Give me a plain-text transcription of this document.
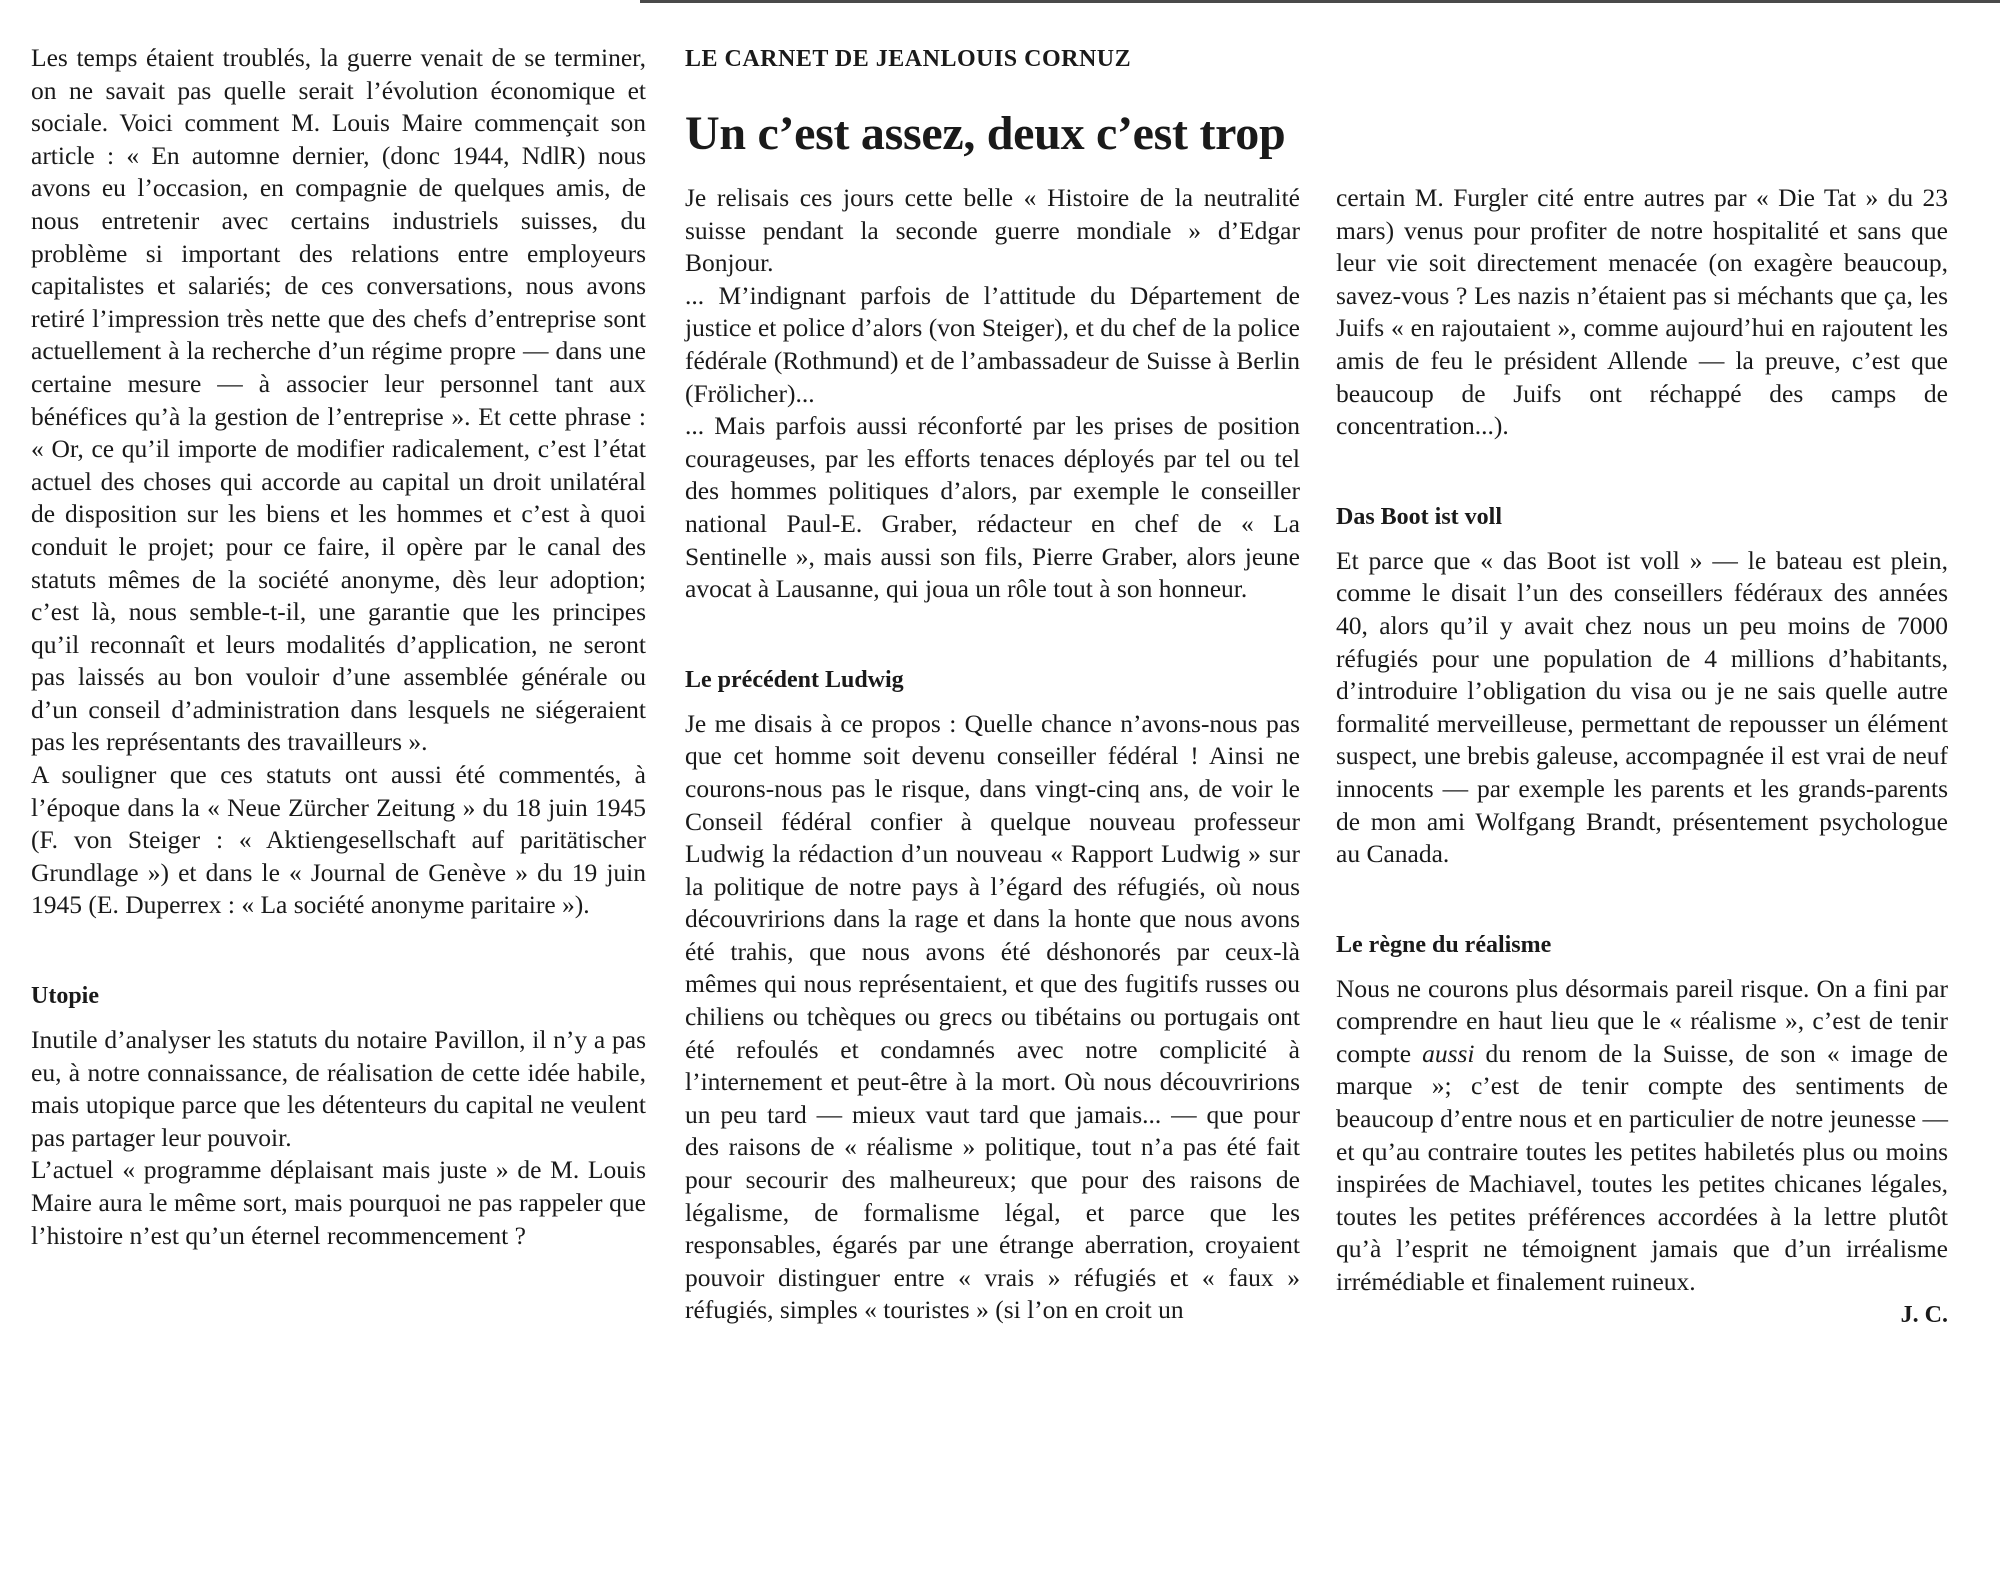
Les temps étaient troublés, la guerre venait de se terminer, on ne savait pas quelle serait l’évolution économique et sociale. Voici comment M. Louis Maire commençait son article : « En automne dernier, (donc 1944, NdlR) nous avons eu l’occasion, en compagnie de quelques amis, de nous entretenir avec certains industriels suisses, du problème si important des relations entre employeurs capitalistes et salariés; de ces conversations, nous avons retiré l’impression très nette que des chefs d’entreprise sont actuellement à la recherche d’un régime propre — dans une certaine mesure — à associer leur personnel tant aux bénéfices qu’à la gestion de l’entreprise ». Et cette phrase : « Or, ce qu’il importe de modifier radicalement, c’est l’état actuel des choses qui accorde au capital un droit unilatéral de disposition sur les biens et les hommes et c’est à quoi conduit le projet; pour ce faire, il opère par le canal des statuts mêmes de la société anonyme, dès leur adoption; c’est là, nous semble-t-il, une garantie que les principes qu’il reconnaît et leurs modalités d’application, ne seront pas laissés au bon vouloir d’une assemblée générale ou d’un conseil d’administration dans lesquels ne siégeraient pas les représentants des travailleurs ».

A souligner que ces statuts ont aussi été commentés, à l’époque dans la « Neue Zürcher Zeitung » du 18 juin 1945 (F. von Steiger : « Aktiengesellschaft auf paritätischer Grundlage ») et dans le « Journal de Genève » du 19 juin 1945 (E. Duperrex : « La société anonyme paritaire »).

Utopie

Inutile d’analyser les statuts du notaire Pavillon, il n’y a pas eu, à notre connaissance, de réalisation de cette idée habile, mais utopique parce que les détenteurs du capital ne veulent pas partager leur pouvoir.

L’actuel « programme déplaisant mais juste » de M. Louis Maire aura le même sort, mais pourquoi ne pas rappeler que l’histoire n’est qu’un éternel recommencement ?

LE CARNET DE JEANLOUIS CORNUZ

Un c’est assez, deux c’est trop

Je relisais ces jours cette belle « Histoire de la neutralité suisse pendant la seconde guerre mondiale » d’Edgar Bonjour.

... M’indignant parfois de l’attitude du Département de justice et police d’alors (von Steiger), et du chef de la police fédérale (Rothmund) et de l’ambassadeur de Suisse à Berlin (Frölicher)...

... Mais parfois aussi réconforté par les prises de position courageuses, par les efforts tenaces déployés par tel ou tel des hommes politiques d’alors, par exemple le conseiller national Paul-E. Graber, rédacteur en chef de « La Sentinelle », mais aussi son fils, Pierre Graber, alors jeune avocat à Lausanne, qui joua un rôle tout à son honneur.

Le précédent Ludwig

Je me disais à ce propos : Quelle chance n’avons-nous pas que cet homme soit devenu conseiller fédéral ! Ainsi ne courons-nous pas le risque, dans vingt-cinq ans, de voir le Conseil fédéral confier à quelque nouveau professeur Ludwig la rédaction d’un nouveau « Rapport Ludwig » sur la politique de notre pays à l’égard des réfugiés, où nous découvririons dans la rage et dans la honte que nous avons été trahis, que nous avons été déshonorés par ceux-là mêmes qui nous représentaient, et que des fugitifs russes ou chiliens ou tchèques ou grecs ou tibétains ou portugais ont été refoulés et condamnés avec notre complicité à l’internement et peut-être à la mort. Où nous découvririons un peu tard — mieux vaut tard que jamais... — que pour des raisons de « réalisme » politique, tout n’a pas été fait pour secourir des malheureux; que pour des raisons de légalisme, de formalisme légal, et parce que les responsables, égarés par une étrange aberration, croyaient pouvoir distinguer entre « vrais » réfugiés et « faux » réfugiés, simples « touristes » (si l’on en croit un

certain M. Furgler cité entre autres par « Die Tat » du 23 mars) venus pour profiter de notre hospitalité et sans que leur vie soit directement menacée (on exagère beaucoup, savez-vous ? Les nazis n’étaient pas si méchants que ça, les Juifs « en rajoutaient », comme aujourd’hui en rajoutent les amis de feu le président Allende — la preuve, c’est que beaucoup de Juifs ont réchappé des camps de concentration...).

Das Boot ist voll

Et parce que « das Boot ist voll » — le bateau est plein, comme le disait l’un des conseillers fédéraux des années 40, alors qu’il y avait chez nous un peu moins de 7000 réfugiés pour une population de 4 millions d’habitants, d’introduire l’obligation du visa ou je ne sais quelle autre formalité merveilleuse, permettant de repousser un élément suspect, une brebis galeuse, accompagnée il est vrai de neuf innocents — par exemple les parents et les grands-parents de mon ami Wolfgang Brandt, présentement psychologue au Canada.

Le règne du réalisme

Nous ne courons plus désormais pareil risque. On a fini par comprendre en haut lieu que le « réalisme », c’est de tenir compte aussi du renom de la Suisse, de son « image de marque »; c’est de tenir compte des sentiments de beaucoup d’entre nous et en particulier de notre jeunesse — et qu’au contraire toutes les petites habiletés plus ou moins inspirées de Machiavel, toutes les petites chicanes légales, toutes les petites préférences accordées à la lettre plutôt qu’à l’esprit ne témoignent jamais que d’un irréalisme irrémédiable et finalement ruineux.

J. C.
